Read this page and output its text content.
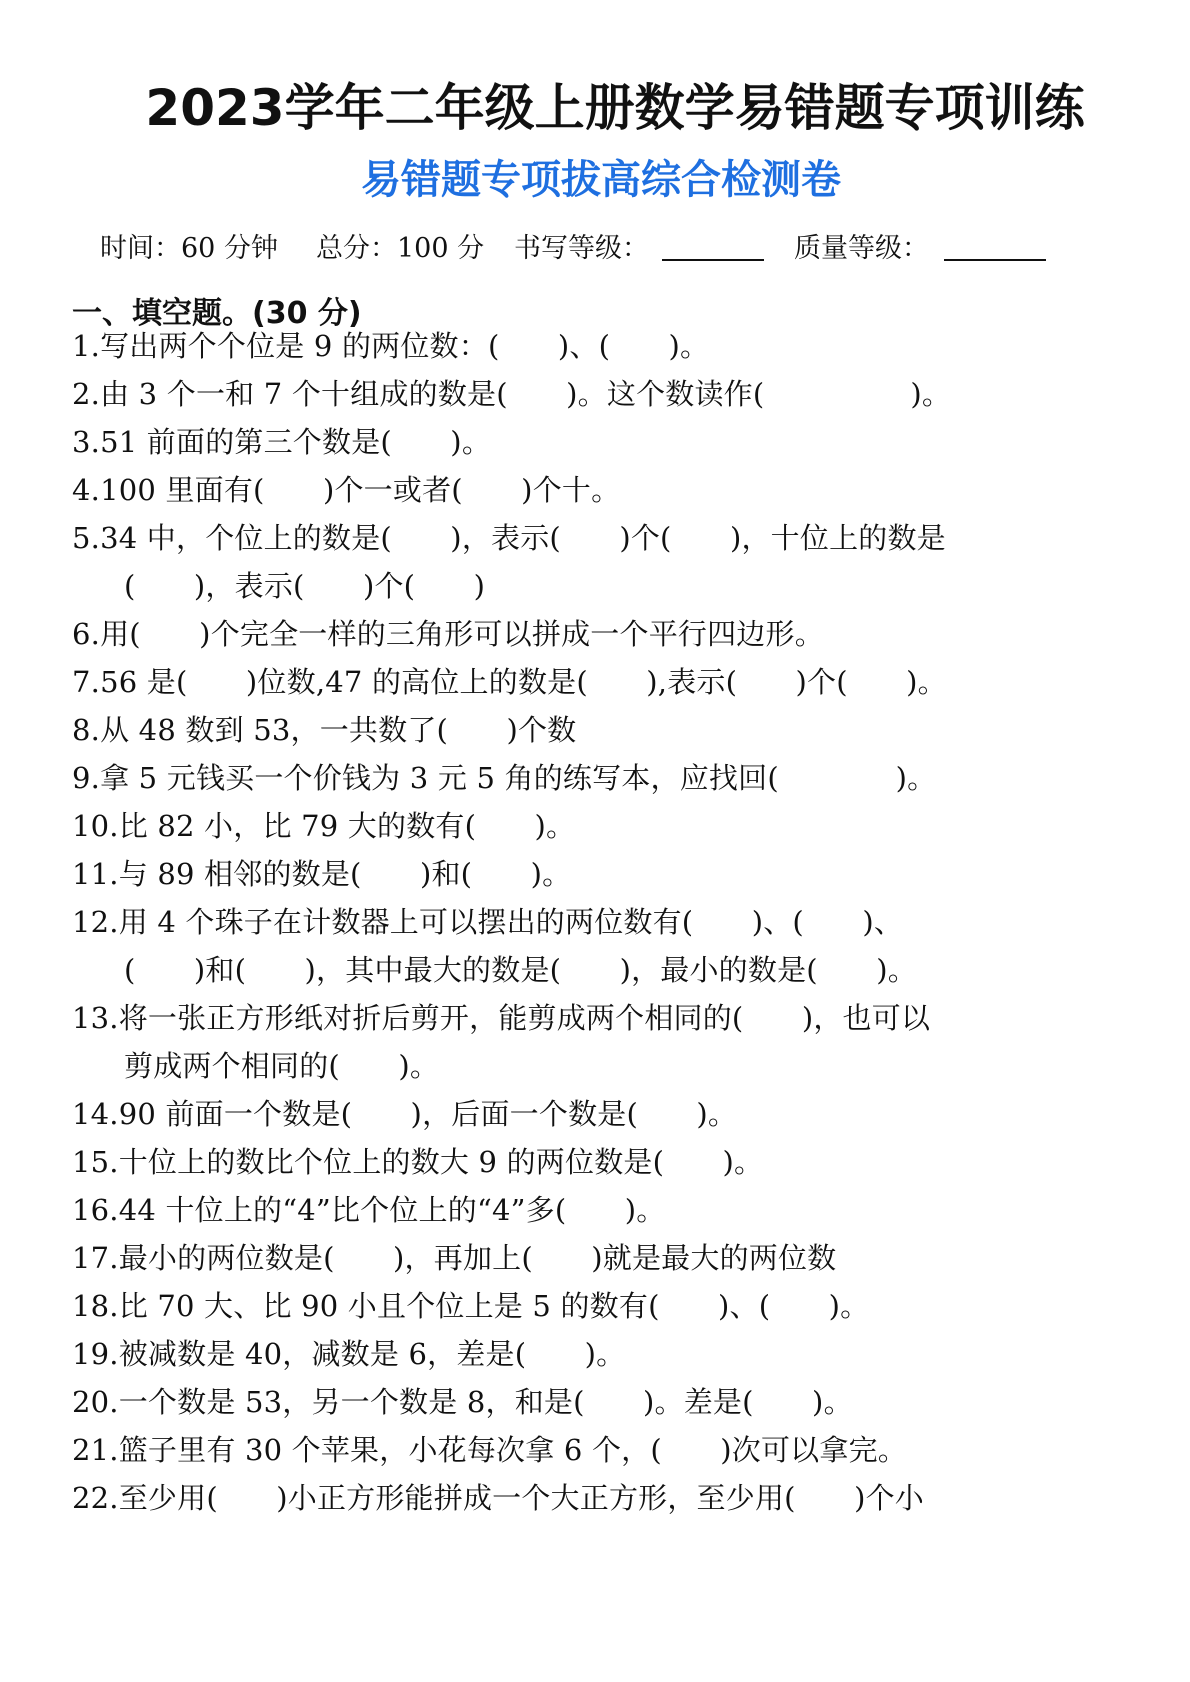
2023学年二年级上册数学易错题专项训练
易错题专项拔高综合检测卷
时间：60 分钟 总分：100 分 书写等级：	质量等级：
一、填空题。(30 分)
1.写出两个个位是 9 的两位数：(　　)、(　　)。
2.由 3 个一和 7 个十组成的数是(　　)。这个数读作(　　　　　)。
3.51 前面的第三个数是(　　)。
4.100 里面有(　　)个一或者(　　)个十。
5.34 中，个位上的数是(　　)，表示(　　)个(　　)，十位上的数是
(　　)，表示(　　)个(　　)
6.用(　　)个完全一样的三角形可以拼成一个平行四边形。
7.56 是(　　)位数,47 的高位上的数是(　　),表示(　　)个(　　)。
8.从 48 数到 53，一共数了(　　)个数
9.拿 5 元钱买一个价钱为 3 元 5 角的练写本，应找回(　　　　)。
10.比 82 小，比 79 大的数有(　　)。
11.与 89 相邻的数是(　　)和(　　)。
12.用 4 个珠子在计数器上可以摆出的两位数有(　　)、(　　)、
(　　)和(　　)，其中最大的数是(　　)，最小的数是(　　)。
13.将一张正方形纸对折后剪开，能剪成两个相同的(　　)，也可以
剪成两个相同的(　　)。
14.90 前面一个数是(　　)，后面一个数是(　　)。
15.十位上的数比个位上的数大 9 的两位数是(　　)。
16.44 十位上的“4”比个位上的“4”多(　　)。
17.最小的两位数是(　　)，再加上(　　)就是最大的两位数
18.比 70 大、比 90 小且个位上是 5 的数有(　　)、(　　)。
19.被减数是 40，减数是 6，差是(　　)。
20.一个数是 53，另一个数是 8，和是(　　)。差是(　　)。
21.篮子里有 30 个苹果，小花每次拿 6 个，(　　)次可以拿完。
22.至少用(　　)小正方形能拼成一个大正方形，至少用(　　)个小
